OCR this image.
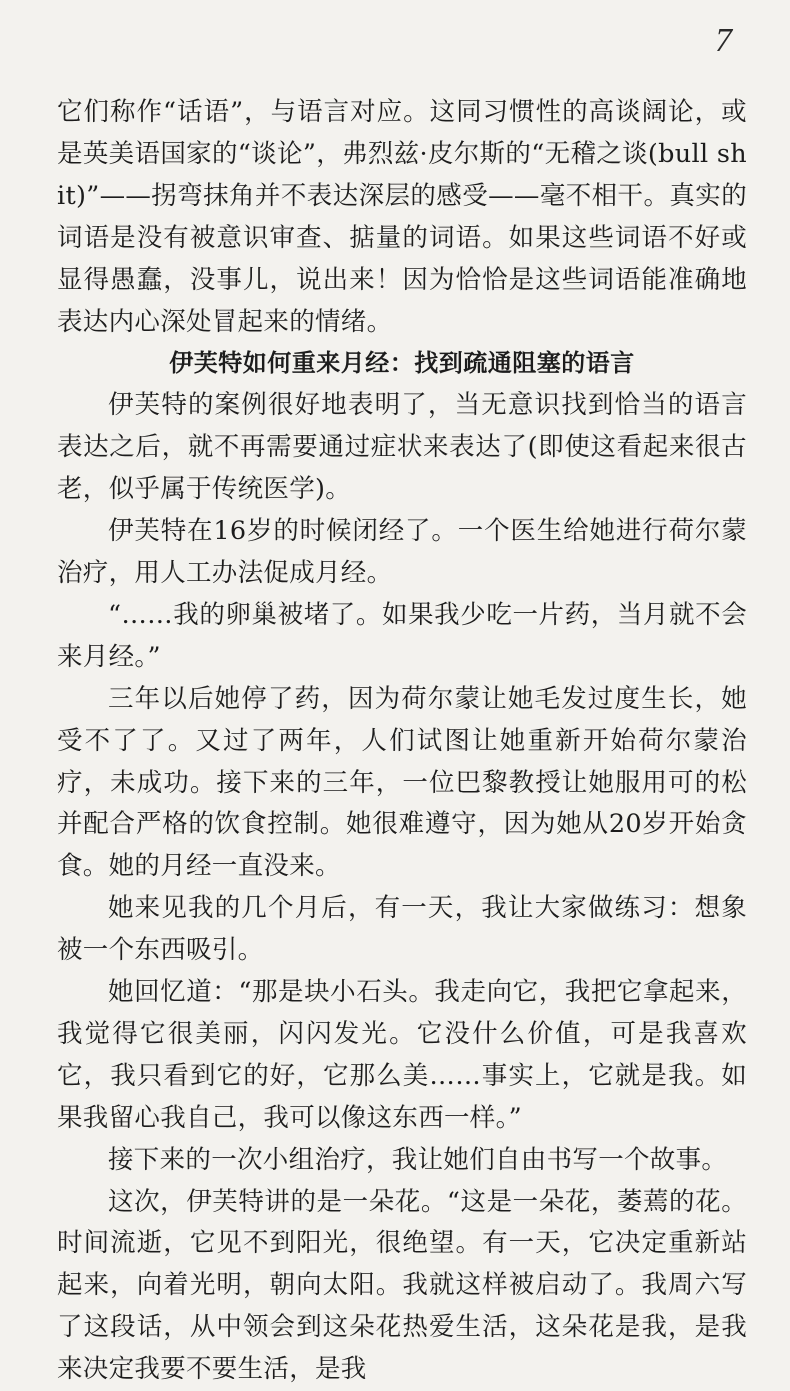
7

它们称作“话语”，与语言对应。这同习惯性的高谈阔论，或是英美语国家的“谈论”，弗烈兹·皮尔斯的“无稽之谈(bull shit)”——拐弯抹角并不表达深层的感受——毫不相干。真实的词语是没有被意识审查、掂量的词语。如果这些词语不好或显得愚蠢，没事儿，说出来！因为恰恰是这些词语能准确地表达内心深处冒起来的情绪。

伊芙特如何重来月经：找到疏通阻塞的语言

伊芙特的案例很好地表明了，当无意识找到恰当的语言表达之后，就不再需要通过症状来表达了(即使这看起来很古老，似乎属于传统医学)。

伊芙特在16岁的时候闭经了。一个医生给她进行荷尔蒙治疗，用人工办法促成月经。

“……我的卵巢被堵了。如果我少吃一片药，当月就不会来月经。”

三年以后她停了药，因为荷尔蒙让她毛发过度生长，她受不了了。又过了两年，人们试图让她重新开始荷尔蒙治疗，未成功。接下来的三年，一位巴黎教授让她服用可的松并配合严格的饮食控制。她很难遵守，因为她从20岁开始贪食。她的月经一直没来。

她来见我的几个月后，有一天，我让大家做练习：想象被一个东西吸引。

她回忆道：“那是块小石头。我走向它，我把它拿起来，我觉得它很美丽，闪闪发光。它没什么价值，可是我喜欢它，我只看到它的好，它那么美……事实上，它就是我。如果我留心我自己，我可以像这东西一样。”

接下来的一次小组治疗，我让她们自由书写一个故事。

这次，伊芙特讲的是一朵花。“这是一朵花，萎蔫的花。时间流逝，它见不到阳光，很绝望。有一天，它决定重新站起来，向着光明，朝向太阳。我就这样被启动了。我周六写了这段话，从中领会到这朵花热爱生活，这朵花是我，是我来决定我要不要生活，是我
